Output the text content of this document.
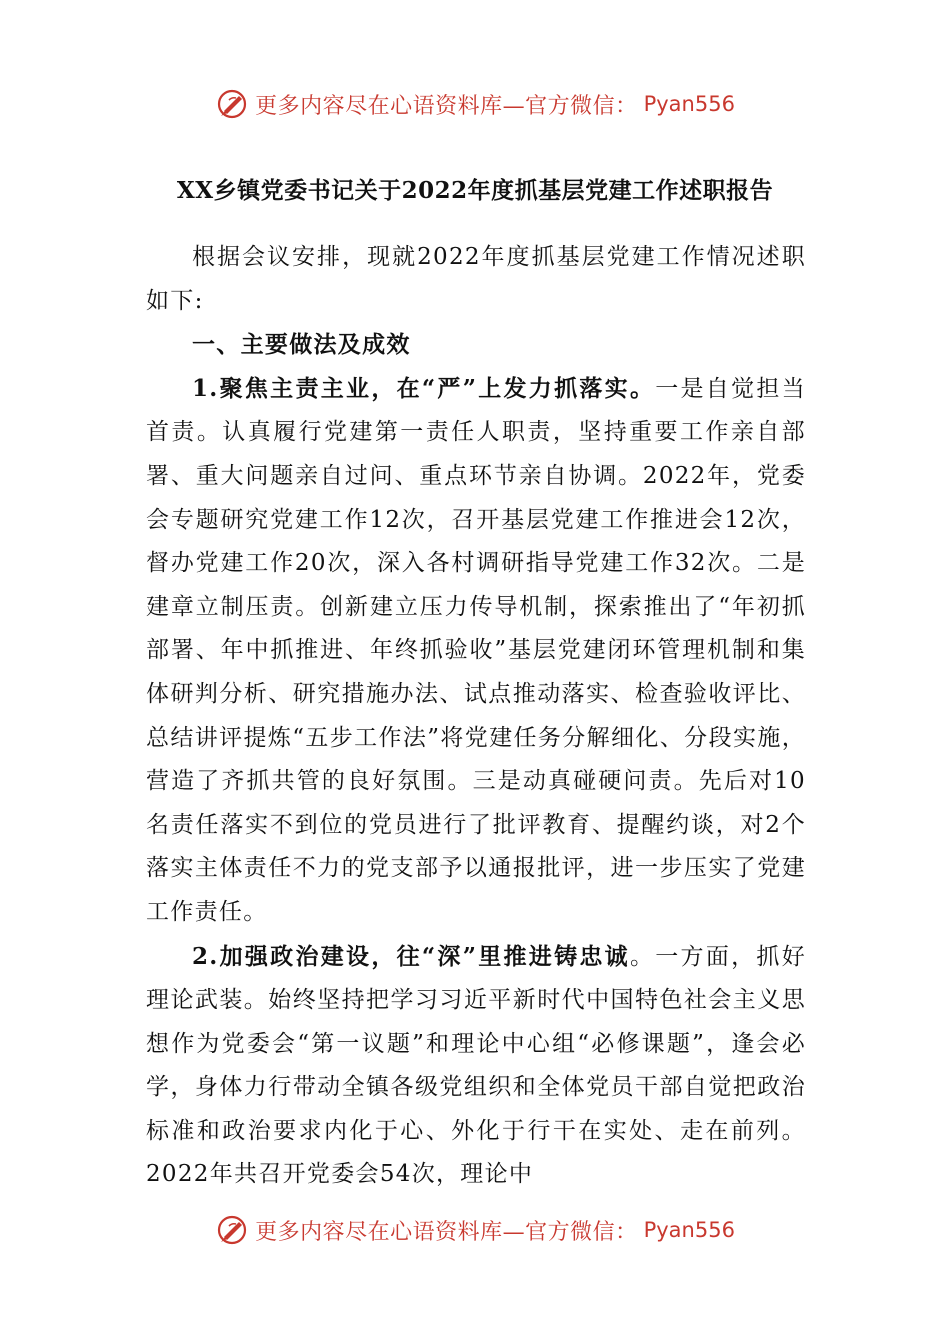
更多内容尽在心语资料库—官方微信： Pyan556
XX乡镇党委书记关于2022年度抓基层党建工作述职报告

根据会议安排，现就2022年度抓基层党建工作情况述职如下:

一、主要做法及成效

1.聚焦主责主业，在“严”上发力抓落实。一是自觉担当首责。认真履行党建第一责任人职责，坚持重要工作亲自部署、重大问题亲自过问、重点环节亲自协调。2022年，党委会专题研究党建工作12次，召开基层党建工作推进会12次，督办党建工作20次，深入各村调研指导党建工作32次。二是建章立制压责。创新建立压力传导机制，探索推出了“年初抓部署、年中抓推进、年终抓验收”基层党建闭环管理机制和集体研判分析、研究措施办法、试点推动落实、检查验收评比、总结讲评提炼“五步工作法”将党建任务分解细化、分段实施，营造了齐抓共管的良好氛围。三是动真碰硬问责。先后对10名责任落实不到位的党员进行了批评教育、提醒约谈，对2个落实主体责任不力的党支部予以通报批评，进一步压实了党建工作责任。

2.加强政治建设，往“深”里推进铸忠诚。一方面，抓好理论武装。始终坚持把学习习近平新时代中国特色社会主义思想作为党委会“第一议题”和理论中心组“必修课题”，逢会必学，身体力行带动全镇各级党组织和全体党员干部自觉把政治标准和政治要求内化于心、外化于行干在实处、走在前列。2022年共召开党委会54次，理论中

更多内容尽在心语资料库—官方微信： Pyan556
